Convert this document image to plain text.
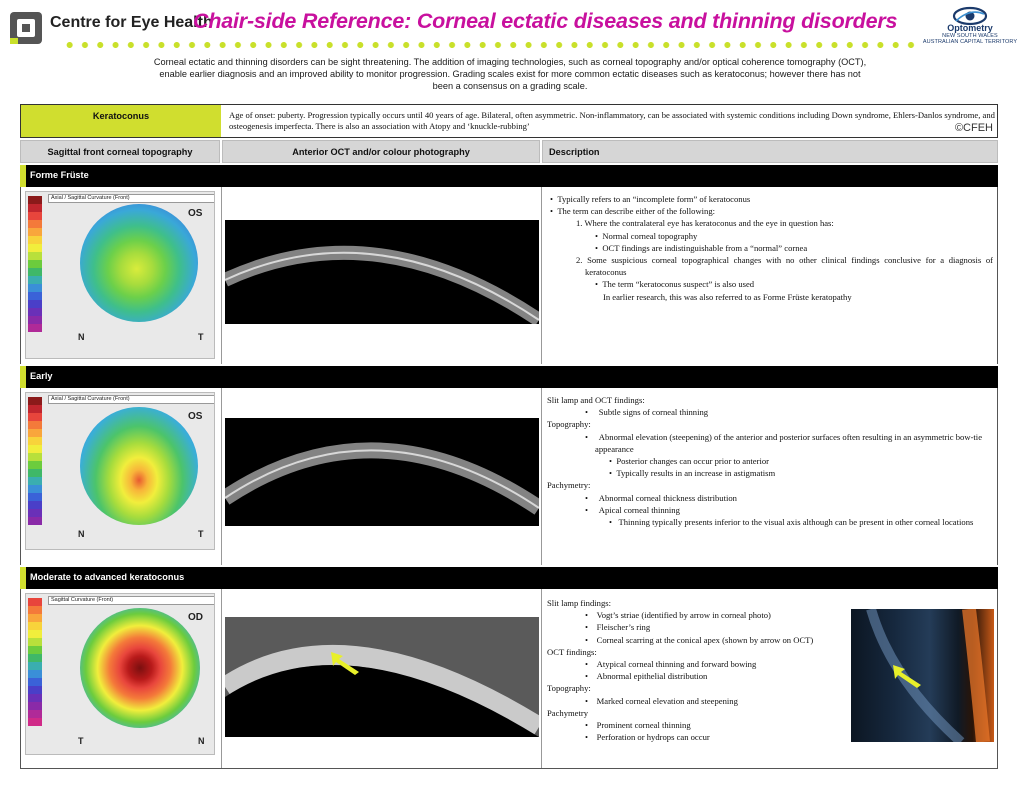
Centre for Eye Health
Chair-side Reference: Corneal ectatic diseases and thinning disorders	Optometry
NEW SOUTH WALES
AUSTRALIAN CAPITAL TERRITORY
Corneal ectatic and thinning disorders can be sight threatening. The addition of imaging technologies, such as corneal topography and/or optical coherence tomography (OCT),
enable earlier diagnosis and an improved ability to monitor progression. Grading scales exist for more common ectatic diseases such as keratoconus; however there has not
been a consensus on a grading scale.
Keratoconus	Age of onset: puberty. Progression typically occurs until 40 years of age. Bilateral, often asymmetric. Non-inflammatory, can be associated with systemic conditions including Down syndrome, Ehlers-Danlos syndrome, and osteogenesis imperfecta. There is also an association with Atopy and ‘knuckle-rubbing’	©CFEH
Sagittal front corneal topography	Anterior OCT and/or colour photography	Description
Forme Früste
Axial / Sagittal Curvature (Front)
OS
N	T
•  Typically refers to an “incomplete form” of keratoconus
•  The term can describe either of the following:
1. Where the contralateral eye has keratoconus and the eye in question has:
•  Normal corneal topography
•  OCT findings are indistinguishable from a “normal” cornea
2. Some suspicious corneal topographical changes with no other clinical findings conclusive for a diagnosis of keratoconus
•  The term “keratoconus suspect” is also used
In earlier research, this was also referred to as Forme Früste keratopathy
Early
Axial / Sagittal Curvature (Front)
OS
N	T
Slit lamp and OCT findings:
•     Subtle signs of corneal thinning
Topography:
•     Abnormal elevation (steepening) of the anterior and posterior surfaces often resulting in an asymmetric bow-tie appearance
•  Posterior changes can occur prior to anterior
•  Typically results in an increase in astigmatism
Pachymetry:
•     Abnormal corneal thickness distribution
•     Apical corneal thinning
•   Thinning typically presents inferior to the visual axis although can be present in other corneal locations
Moderate to advanced keratoconus
Sagittal Curvature (Front)
OD
T	N
Slit lamp findings:
•    Vogt’s striae (identified by arrow in corneal photo)
•    Fleischer’s ring
•    Corneal scarring at the conical apex (shown by arrow on OCT)
OCT findings:
•    Atypical corneal thinning and forward bowing
•    Abnormal epithelial distribution
Topography:
•    Marked corneal elevation and steepening
Pachymetry
•    Prominent corneal thinning
•    Perforation or hydrops can occur
